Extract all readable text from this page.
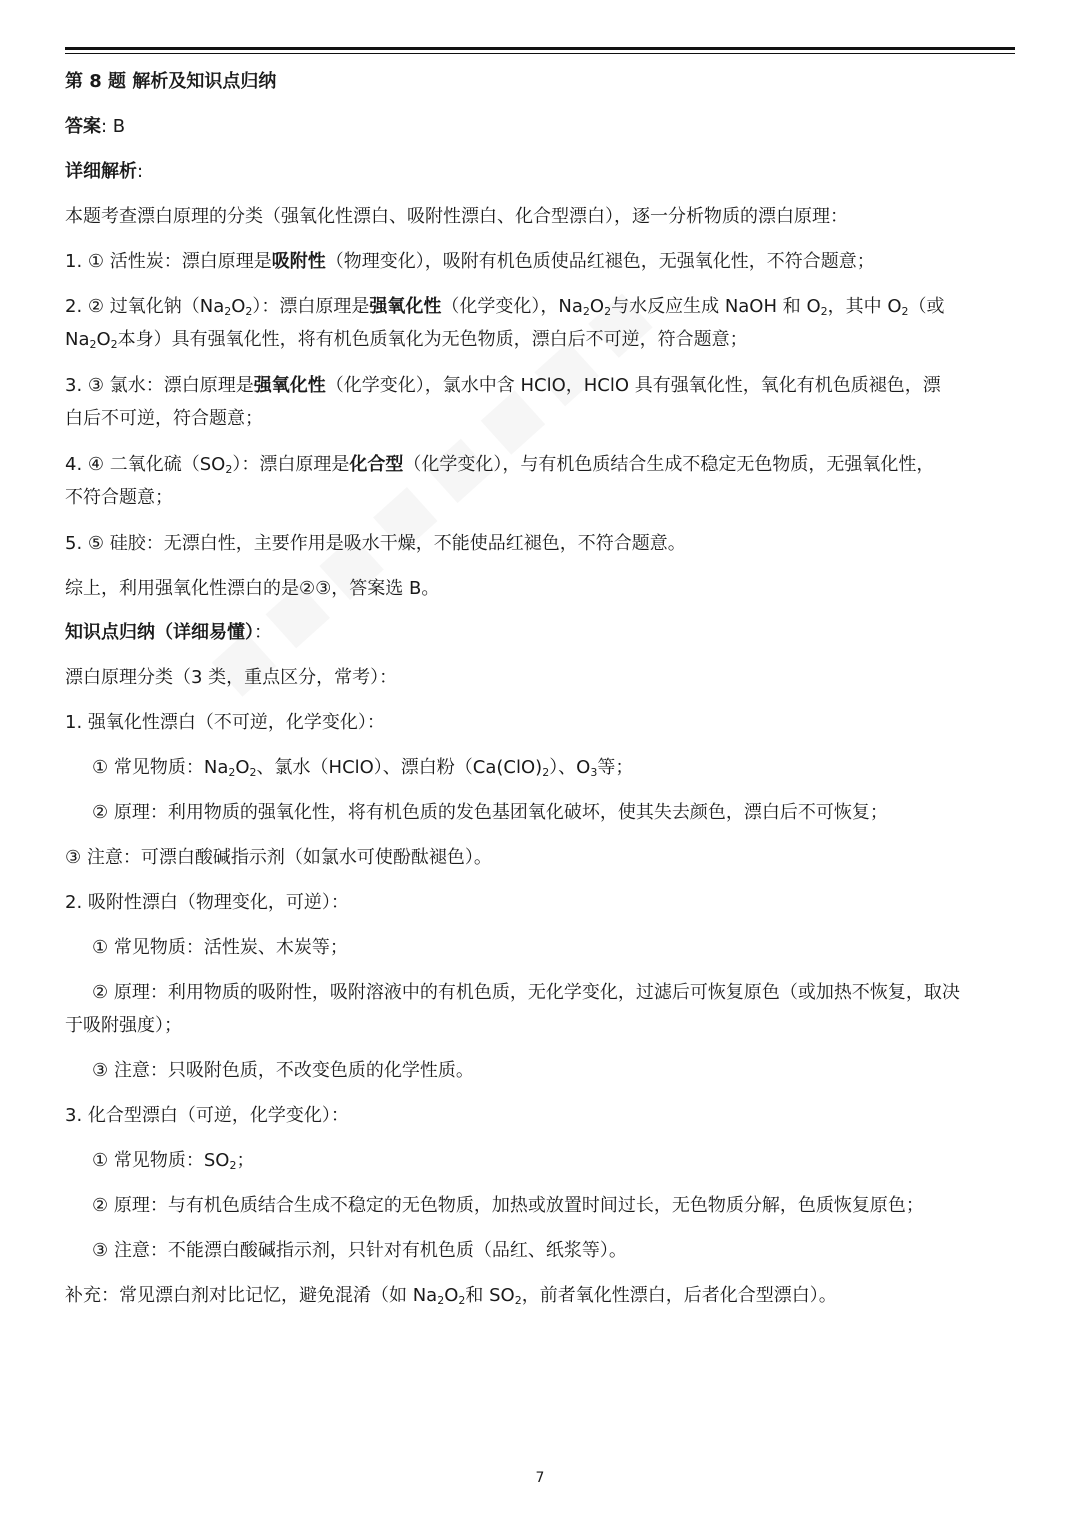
第 8 题 解析及知识点归纳
答案: B
详细解析:
本题考查漂白原理的分类（强氧化性漂白、吸附性漂白、化合型漂白），逐一分析物质的漂白原理：
1. ① 活性炭：漂白原理是吸附性（物理变化），吸附有机色质使品红褪色，无强氧化性，不符合题意；
2. ② 过氧化钠$(Na_2O_2)$：漂白原理是强氧化性（化学变化），$Na_2O_2$与水反应生成 NaOH 和 $O_2$，其中 $O_2$（或
$Na_2O_2$本身）具有强氧化性，将有机色质氧化为无色物质，漂白后不可逆，符合题意；
3. ③ 氯水：漂白原理是强氧化性（化学变化），氯水中含 HClO，HClO 具有强氧化性，氧化有机色质褪色，漂
白后不可逆，符合题意；
4. ④ 二氧化硫$(SO_2)$：漂白原理是化合型（化学变化），与有机色质结合生成不稳定无色物质，无强氧化性，
不符合题意；
5. ⑤ 硅胶：无漂白性，主要作用是吸水干燥，不能使品红褪色，不符合题意。
综上，利用强氧化性漂白的是②③，答案选 B。
知识点归纳（详细易懂）：
漂白原理分类（3 类，重点区分，常考）：
1. 强氧化性漂白（不可逆，化学变化）：
① 常见物质：$Na_2O_2$、氯水（HClO）、漂白粉$(Ca(ClO)_2)$、$O_3$等；
② 原理：利用物质的强氧化性，将有机色质的发色基团氧化破坏，使其失去颜色，漂白后不可恢复；
③ 注意：可漂白酸碱指示剂（如氯水可使酚酞褪色）。
2. 吸附性漂白（物理变化，可逆）：
① 常见物质：活性炭、木炭等；
② 原理：利用物质的吸附性，吸附溶液中的有机色质，无化学变化，过滤后可恢复原色（或加热不恢复，取决
于吸附强度）；
③ 注意：只吸附色质，不改变色质的化学性质。
3. 化合型漂白（可逆，化学变化）：
① 常见物质：$SO_2$；
② 原理：与有机色质结合生成不稳定的无色物质，加热或放置时间过长，无色物质分解，色质恢复原色；
③ 注意：不能漂白酸碱指示剂，只针对有机色质（品红、纸浆等）。
补充：常见漂白剂对比记忆，避免混淆（如 $Na_2O_2$和 $SO_2$，前者氧化性漂白，后者化合型漂白）。
7
